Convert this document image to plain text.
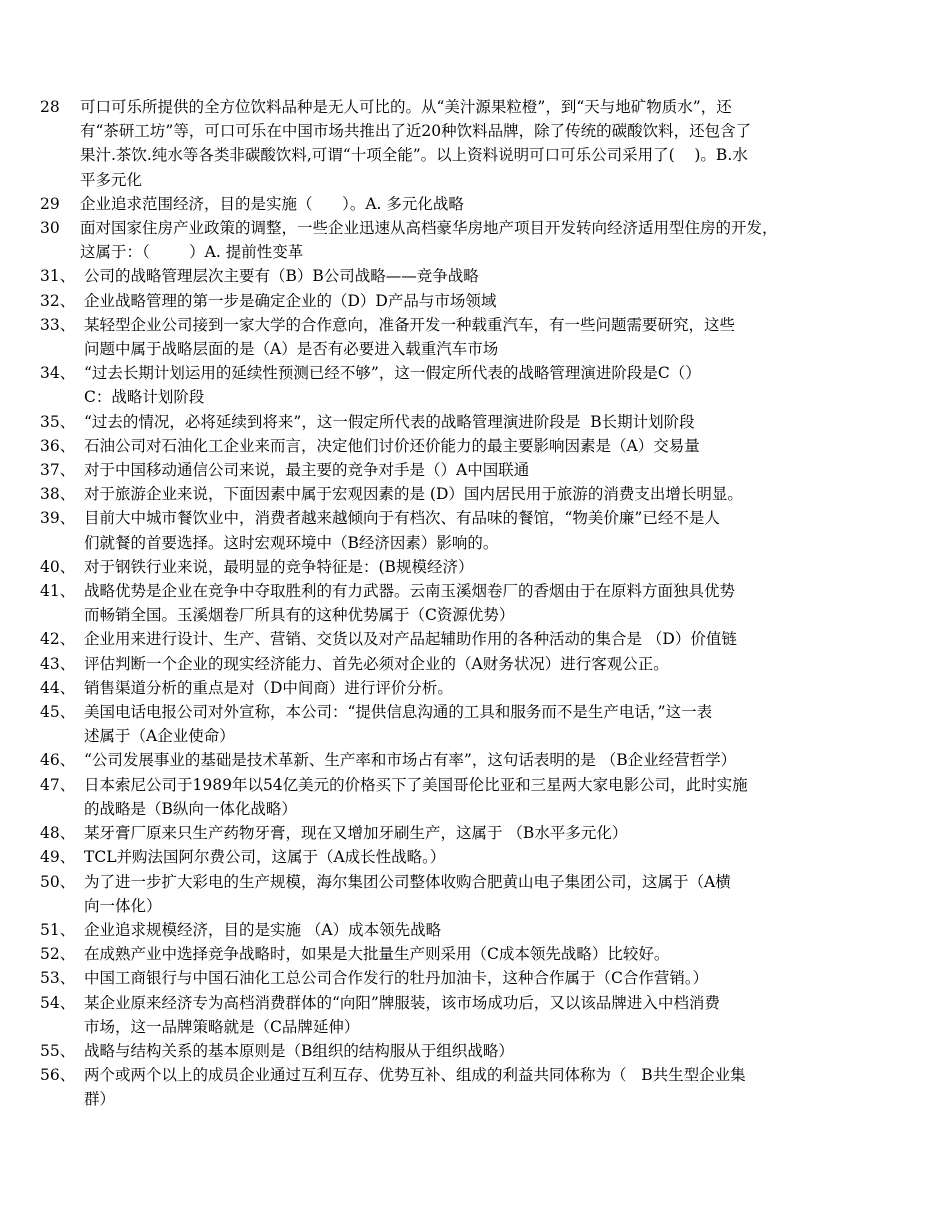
28	可口可乐所提供的全方位饮料品种是无人可比的。从“美汁源果粒橙”，到“天与地矿物质水”，还
有“茶研工坊”等，可口可乐在中国市场共推出了近20种饮料品牌，除了传统的碳酸饮料，还包含了
果汁.茶饮.纯水等各类非碳酸饮料,可谓“十项全能”。以上资料说明可口可乐公司采用了(    )。B.水
平多元化
29	企业追求范围经济，目的是实施（      ）。A. 多元化战略
30	面对国家住房产业政策的调整，一些企业迅速从高档豪华房地产项目开发转向经济适用型住房的开发，
这属于：（        ）A. 提前性变革
31、 公司的战略管理层次主要有（B）B公司战略——竞争战略
32、 企业战略管理的第一步是确定企业的（D）D产品与市场领域
33、 某轻型企业公司接到一家大学的合作意向，准备开发一种载重汽车，有一些问题需要研究，这些
问题中属于战略层面的是（A）是否有必要进入载重汽车市场
34、 “过去长期计划运用的延续性预测已经不够”，这一假定所代表的战略管理演进阶段是C（）
C：战略计划阶段
35、 “过去的情况，必将延续到将来”，这一假定所代表的战略管理演进阶段是  B长期计划阶段
36、 石油公司对石油化工企业来而言，决定他们讨价还价能力的最主要影响因素是（A）交易量
37、 对于中国移动通信公司来说，最主要的竞争对手是（）A中国联通
38、 对于旅游企业来说，下面因素中属于宏观因素的是 (D）国内居民用于旅游的消费支出增长明显。
39、 目前大中城市餐饮业中，消费者越来越倾向于有档次、有品味的餐馆，“物美价廉”已经不是人
们就餐的首要选择。这时宏观环境中（B经济因素）影响的。
40、 对于钢铁行业来说，最明显的竞争特征是：(B规模经济）
41、 战略优势是企业在竞争中夺取胜利的有力武器。云南玉溪烟卷厂的香烟由于在原料方面独具优势
而畅销全国。玉溪烟卷厂所具有的这种优势属于（C资源优势）
42、 企业用来进行设计、生产、营销、交货以及对产品起辅助作用的各种活动的集合是 （D）价值链
43、 评估判断一个企业的现实经济能力、首先必须对企业的（A财务状况）进行客观公正。
44、 销售渠道分析的重点是对（D中间商）进行评价分析。
45、 美国电话电报公司对外宣称，本公司：“提供信息沟通的工具和服务而不是生产电话，”这一表
述属于（A企业使命）
46、 “公司发展事业的基础是技术革新、生产率和市场占有率”，这句话表明的是 （B企业经营哲学）
47、 日本索尼公司于1989年以54亿美元的价格买下了美国哥伦比亚和三星两大家电影公司，此时实施
的战略是（B纵向一体化战略）
48、 某牙膏厂原来只生产药物牙膏，现在又增加牙刷生产，这属于 （B水平多元化）
49、 TCL并购法国阿尔费公司，这属于（A成长性战略。）
50、 为了进一步扩大彩电的生产规模，海尔集团公司整体收购合肥黄山电子集团公司，这属于（A横
向一体化）
51、 企业追求规模经济，目的是实施 （A）成本领先战略
52、 在成熟产业中选择竞争战略时，如果是大批量生产则采用（C成本领先战略）比较好。
53、 中国工商银行与中国石油化工总公司合作发行的牡丹加油卡，这种合作属于（C合作营销。）
54、 某企业原来经济专为高档消费群体的“向阳”牌服装，该市场成功后，又以该品牌进入中档消费
市场，这一品牌策略就是（C品牌延伸）
55、 战略与结构关系的基本原则是（B组织的结构服从于组织战略）
56、 两个或两个以上的成员企业通过互利互存、优势互补、组成的利益共同体称为（   B共生型企业集
群）
